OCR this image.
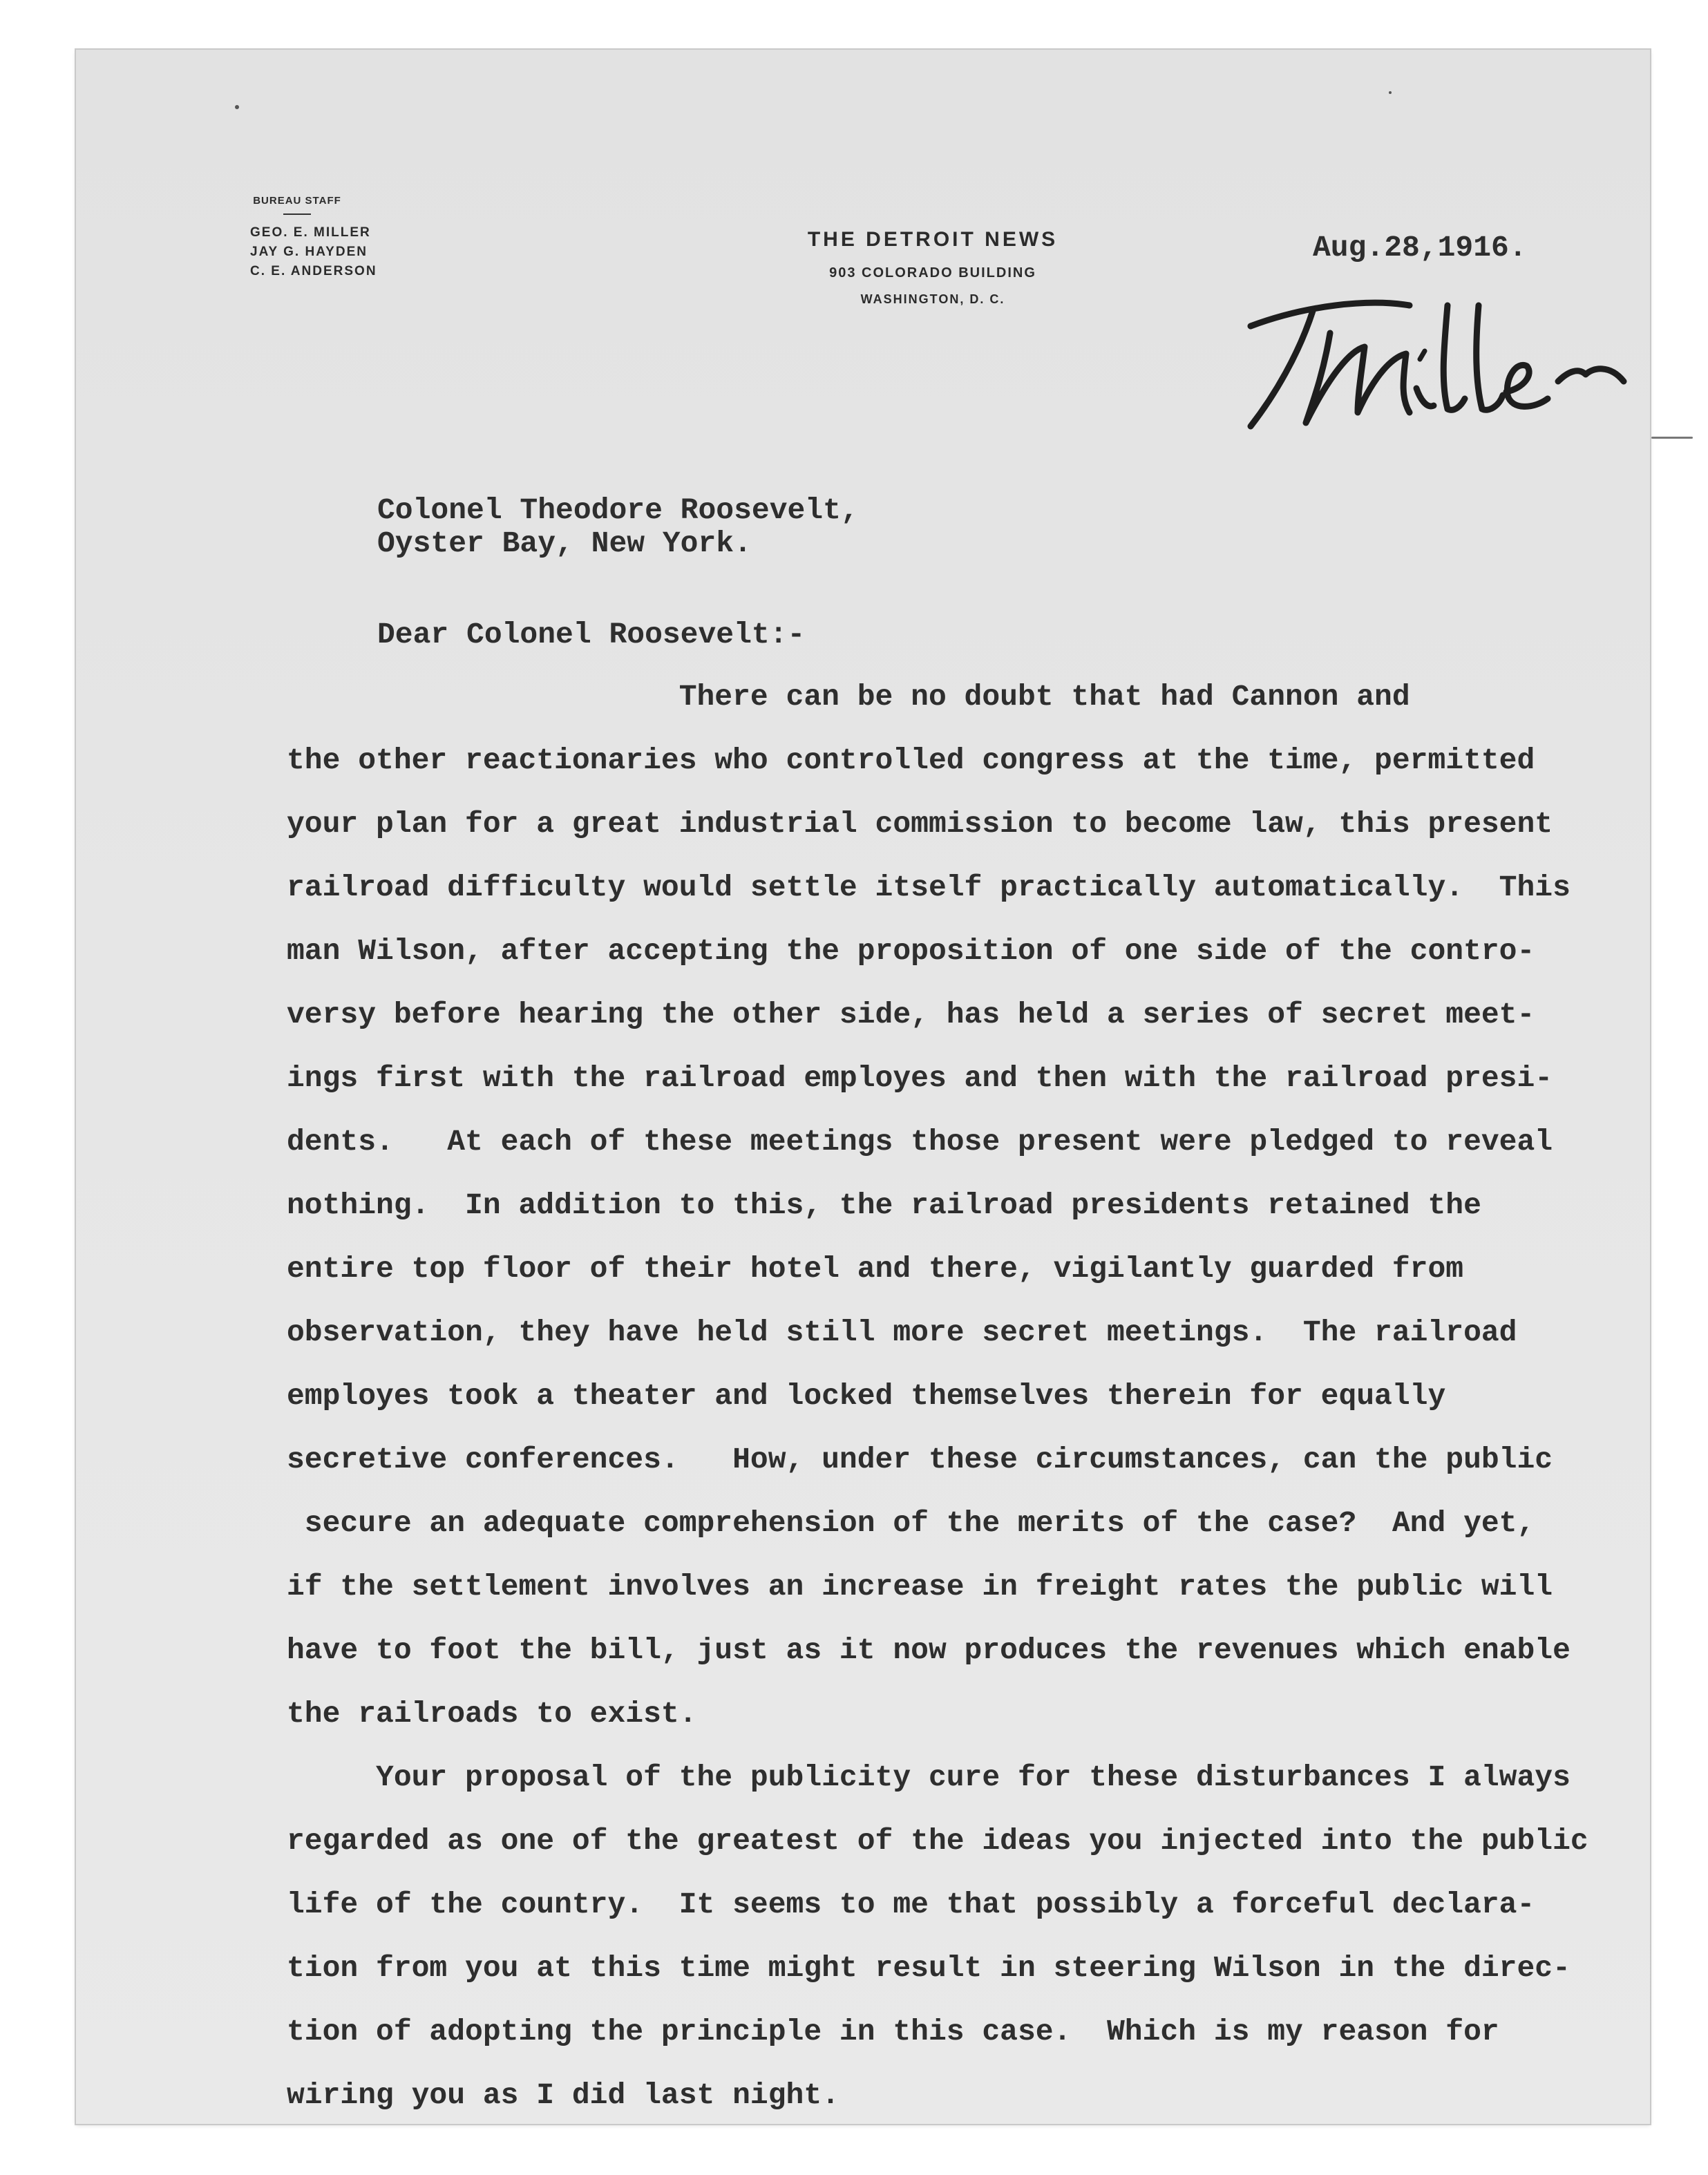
BUREAU STAFF
GEO. E. MILLER
JAY G. HAYDEN
C. E. ANDERSON
THE DETROIT NEWS
903 COLORADO BUILDING
WASHINGTON, D. C.
Aug.28,1916.
Colonel Theodore Roosevelt,
Oyster Bay, New York.
Dear Colonel Roosevelt:-
There can be no doubt that had Cannon and
the other reactionaries who controlled congress at the time, permitted
your plan for a great industrial commission to become law, this present
railroad difficulty would settle itself practically automatically.  This
man Wilson, after accepting the proposition of one side of the contro-
versy before hearing the other side, has held a series of secret meet-
ings first with the railroad employes and then with the railroad presi-
dents.   At each of these meetings those present were pledged to reveal
nothing.  In addition to this, the railroad presidents retained the
entire top floor of their hotel and there, vigilantly guarded from
observation, they have held still more secret meetings.  The railroad
employes took a theater and locked themselves therein for equally
secretive conferences.   How, under these circumstances, can the public
secure an adequate comprehension of the merits of the case?  And yet,
if the settlement involves an increase in freight rates the public will
have to foot the bill, just as it now produces the revenues which enable
the railroads to exist.
Your proposal of the publicity cure for these disturbances I always
regarded as one of the greatest of the ideas you injected into the public
life of the country.  It seems to me that possibly a forceful declara-
tion from you at this time might result in steering Wilson in the direc-
tion of adopting the principle in this case.  Which is my reason for
wiring you as I did last night.
